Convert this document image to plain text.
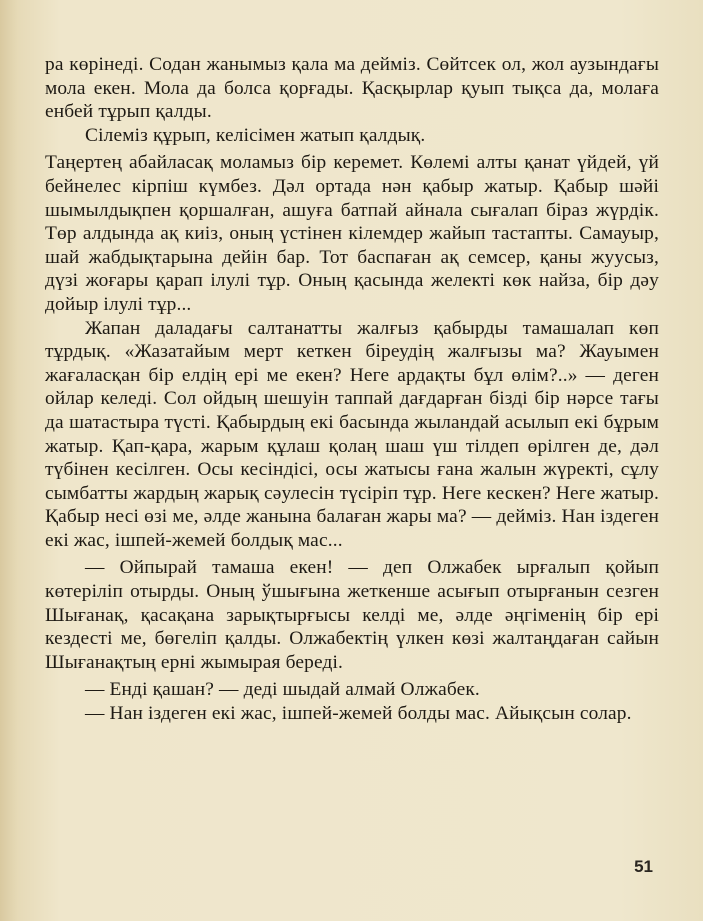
ра көрінеді. Содан жанымыз қала ма деймiз. Сөйтсек ол, жол аузындағы мола екен. Мола да болса қорғады. Қасқырлар қуып тықса да, молаға енбей тұрып қалды.

Сілеміз құрып, келісімен жатып қалдық.

Таңертең абайласақ моламыз бір керемет. Көлемі алты қанат үйдей, үй бейнелес кірпіш күмбез. Дәл ортада нән қабыр жатыр. Қабыр шәйі шымылдықпен қоршалған, ашуға батпай айнала сығалап біраз жүрдік. Төр алдында ақ киіз, оның үстінен кілемдер жайып тастапты. Самауыр, шай жабдықтарына дейін бар. Тот баспаған ақ семсер, қаны жуусыз, дүзі жоғары қарап ілулі тұр. Оның қасында желекті көк найза, бір дәу дойыр ілулі тұр...

Жапан даладағы салтанатты жалғыз қабырды тамашалап көп тұрдық. «Жазатайым мерт кеткен біреудің жалғызы ма? Жауымен жағаласқан бір елдің ері ме екен? Неге ардақты бұл өлім?..» — деген ойлар келеді. Сол ойдың шешуін таппай дағдарған бізді бір нәрсе тағы да шатастыра түсті. Қабырдың екі басында жыландай асылып екі бұрым жатыр. Қап-қара, жарым құлаш қолаң шаш үш тілдеп өрілген де, дәл түбінен кесілген. Осы кесіндісі, осы жатысы ғана жалын жүректі, сұлу сымбатты жардың жарық сәулесін түсіріп тұр. Неге кескен? Неге жатыр. Қабыр несі өзі ме, әлде жанына балаған жары ма? — деймiз. Нан іздеген екі жас, ішпей-жемей болдық мас...

— Ойпырай тамаша екен! — деп Олжабек ырғалып қойып көтеріліп отырды. Оның ўшығына жеткенше асығып отырғанын сезген Шығанақ, қасақана зарықтырғысы келді ме, әлде әңгіменің бір ері кездесті ме, бөгеліп қалды. Олжабектің үлкен көзі жалтаңдаған сайын Шығанақтың ерні жымырая береді.

— Енді қашан? — деді шыдай алмай Олжабек.

— Нан іздеген екі жас, ішпей-жемей болды мас. Айықсын солар.

51
